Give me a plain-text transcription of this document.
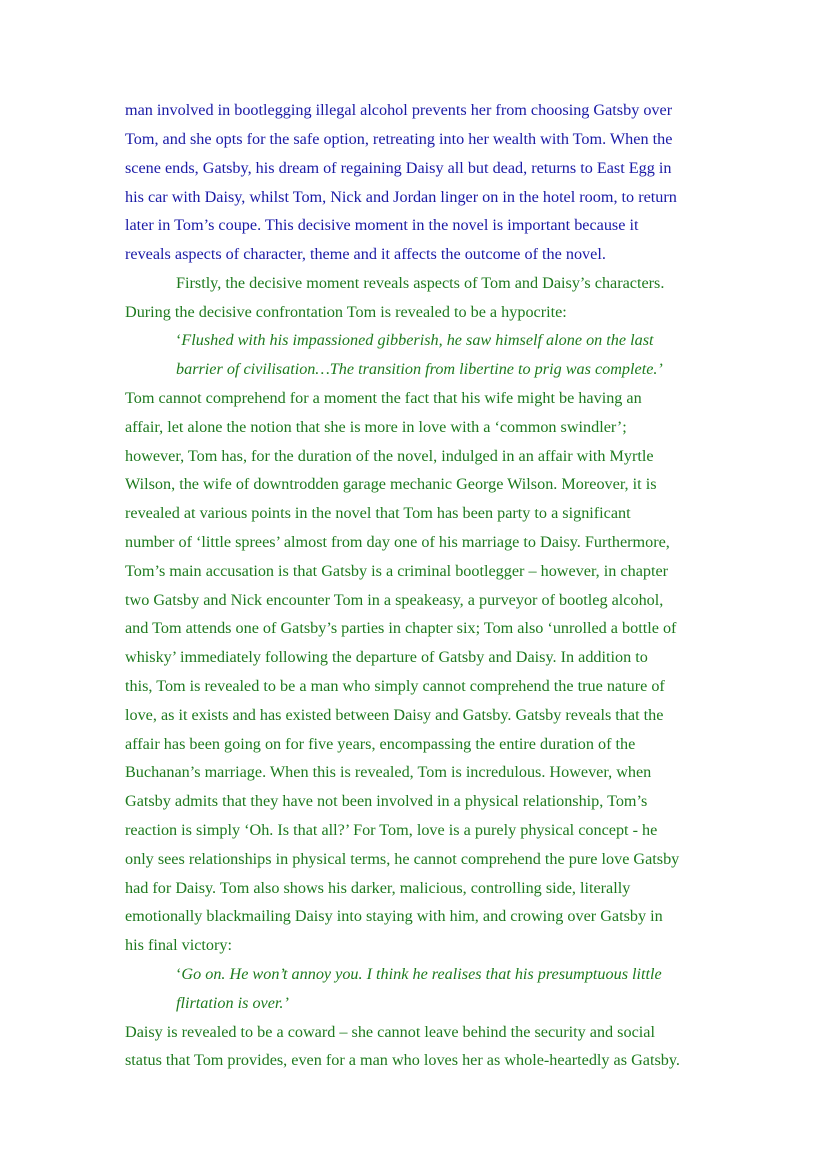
man involved in bootlegging illegal alcohol prevents her from choosing Gatsby over

Tom, and she opts for the safe option, retreating into her wealth with Tom. When the

scene ends, Gatsby, his dream of regaining Daisy all but dead, returns to East Egg in

his car with Daisy, whilst Tom, Nick and Jordan linger on in the hotel room, to return

later in Tom’s coupe. This decisive moment in the novel is important because it

reveals aspects of character, theme and it affects the outcome of the novel.

Firstly, the decisive moment reveals aspects of Tom and Daisy’s characters.

During the decisive confrontation Tom is revealed to be a hypocrite:

‘Flushed with his impassioned gibberish, he saw himself alone on the last

barrier of civilisation…The transition from libertine to prig was complete.’

Tom cannot comprehend for a moment the fact that his wife might be having an

affair, let alone the notion that she is more in love with a ‘common swindler’;

however, Tom has, for the duration of the novel, indulged in an affair with Myrtle

Wilson, the wife of downtrodden garage mechanic George Wilson. Moreover, it is

revealed at various points in the novel that Tom has been party to a significant

number of ‘little sprees’ almost from day one of his marriage to Daisy. Furthermore,

Tom’s main accusation is that Gatsby is a criminal bootlegger – however, in chapter

two Gatsby and Nick encounter Tom in a speakeasy, a purveyor of bootleg alcohol,

and Tom attends one of Gatsby’s parties in chapter six; Tom also ‘unrolled a bottle of

whisky’ immediately following the departure of Gatsby and Daisy. In addition to

this, Tom is revealed to be a man who simply cannot comprehend the true nature of

love, as it exists and has existed between Daisy and Gatsby. Gatsby reveals that the

affair has been going on for five years, encompassing the entire duration of the

Buchanan’s marriage. When this is revealed, Tom is incredulous. However, when

Gatsby admits that they have not been involved in a physical relationship, Tom’s

reaction is simply ‘Oh. Is that all?’ For Tom, love is a purely physical concept - he

only sees relationships in physical terms, he cannot comprehend the pure love Gatsby

had for Daisy. Tom also shows his darker, malicious, controlling side, literally

emotionally blackmailing Daisy into staying with him, and crowing over Gatsby in

his final victory:

‘Go on. He won’t annoy you. I think he realises that his presumptuous little

flirtation is over.’

Daisy is revealed to be a coward – she cannot leave behind the security and social

status that Tom provides, even for a man who loves her as whole-heartedly as Gatsby.
